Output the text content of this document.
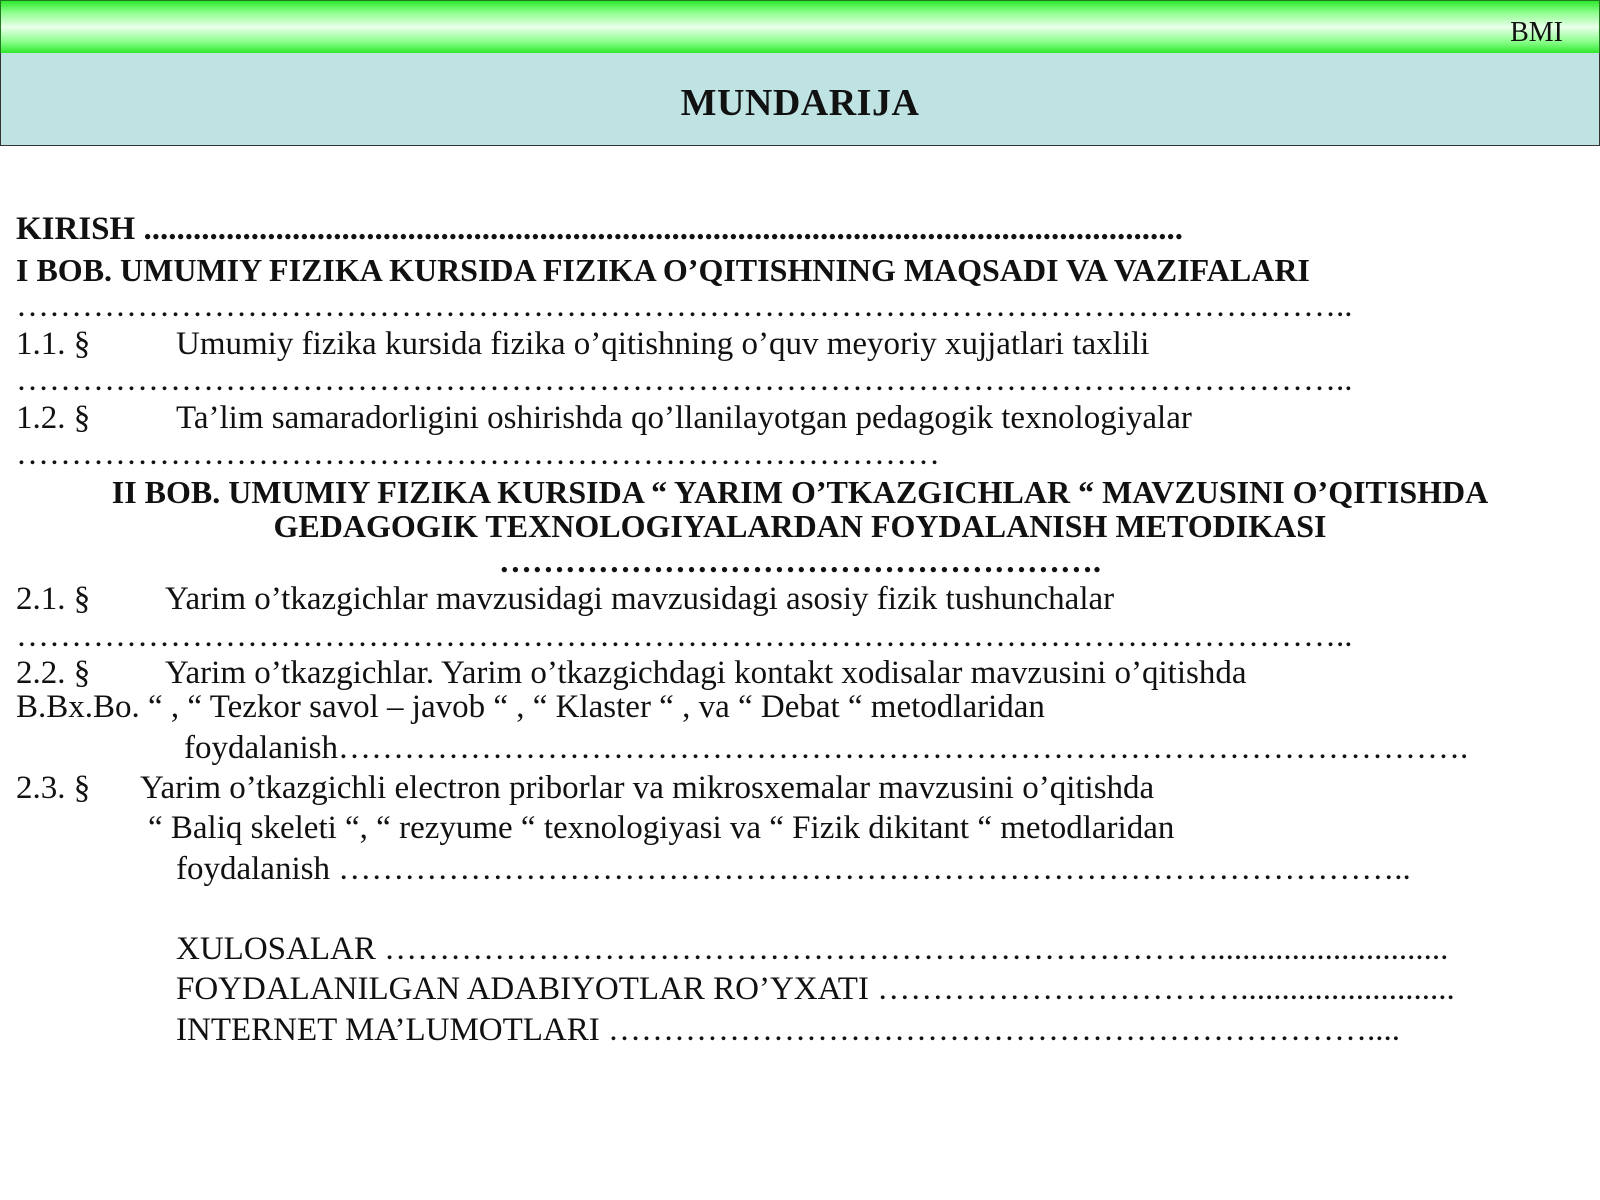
BMI
MUNDARIJA
KIRISH ..............................................................................................................................
I BOB. UMUMIY FIZIKA KURSIDA FIZIKA O’QITISHNING MAQSADI VA VAZIFALARI
…………………………………………………………………………………………………………..
1.1. §	Umumiy fizika kursida fizika o’qitishning o’quv meyoriy xujjatlari taxlili
…………………………………………………………………………………………………………..
1.2. §	Ta’lim samaradorligini oshirishda qo’llanilayotgan pedagogik texnologiyalar
…………………………………………………………………………
II BOB. UMUMIY FIZIKA KURSIDA “ YARIM O’TKAZGICHLAR “ MAVZUSINI O’QITISHDA
GEDAGOGIK TEXNOLOGIYALARDAN FOYDALANISH METODIKASI
……………………………………………….
2.1. § Yarim o’tkazgichlar mavzusidagi mavzusidagi asosiy fizik tushunchalar
…………………………………………………………………………………………………………..
2.2. § Yarim o’tkazgichlar. Yarim o’tkazgichdagi kontakt xodisalar mavzusini o’qitishda
B.Bx.Bo. “ , “ Tezkor savol – javob “ , “ Klaster “ , va “ Debat “ metodlaridan
foydalanish………………………………………………………………………………………….
2.3. § Yarim o’tkazgichli electron priborlar va mikrosxemalar mavzusini o’qitishda
“ Baliq skeleti “, “ rezyume “ texnologiyasi va “ Fizik dikitant “ metodlaridan
foydalanish ……………………………………………………………………………………..
XULOSALAR ………………………………………………………………….............................
FOYDALANILGAN ADABIYOTLAR RO’YXATI ……………………………..........................
INTERNET MA’LUMOTLARI ……………………………………………………………....
